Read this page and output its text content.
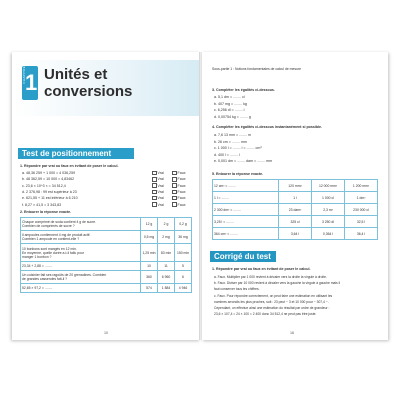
1
CHAPITRE	Unités et
conversions
Test de positionnement
1. Répondre par vrai ou faux en évitant de poser le calcul.
a. 48,36 259 + 1 000 = 4 036,259	Vrai	Faux
b. 48 362,59 = 10 000 = 4,83462	Vrai	Faux
c. 23,6 × 10^3 × = 34 512,4	Vrai	Faux
d. 2 376,98 : 99 est supérieur à 23	Vrai	Faux
e. 621,55 + 11 est inférieur à 6 210	Vrai	Faux
f. 8,27 × 41,5 = 3 343,83	Vrai	Faux
2. Entourer la réponse exacte.
Chaque comprimé de soda contient 4 g de sucre.
Combien de comprimés de sucre ?	12 g	2 g	0,2 g

Il ampoules contiennent 4 mg de produit actif.
Combien 1 ampoule en contient-elle ?	0,5 mg	2 mg	36 mg

10 bonbons sont mangés en 12 min.
En moyenne, quelle durée a-t-il fallu pour
manger 1 bonbon ?	1,25 min	83 min	150 min

23,34 + 2,88 = ........	10	11	5

Un cuisinier fait ses ragoûts de 20 grenadines. Combien
de grandes casseroles fait-il ?	360	6 960	6

52,65 × 97,2 = ........	574	1 884	4 946
10
Sous-partie 1 : Notions fondamentales de calcul de mesure
3. Compléter les égalités ci-dessous.
a. 5,1 dm = ........ cl
b. 407 mg = ........ kg
c. 6,256 dl = ........ l
d. 0,00754 kg = ........ g
4. Compléter les égalités ci-dessous instantanément si possible.
a. 7,6 13 mm = ........ m
b. 26 cm = ........ mm
c. 1 000 l = ........ l = ........ cm³
d. 400 l = ........ l
e. 0,001 dm = ........ dam = ........ mm
5. Entourer la réponse exacte.
12 cm³ = ........	120 mm³	12 000 mm³	1 200 mm³
1 l = ........	1 l	1 000 cl	1 dm³
2 300 dm³ = ........	23 dam³	2,3 m³	230 000 cl
3,25 l = ........	325 cl	3 250 dl	32,5 l
364 cm³ = ........	3,64 l	0,364 l	36,4 l
Corrigé du test
1. Répondre par vrai ou faux en évitant de poser le calcul.
a. Faux. Multiplier par 1 000 revient à décaler vers la droite la virgule à droite.
b. Faux. Diviser par 10 000 revient à décaler vers la gauche la virgule à gauche mais il
faut conserver tous les chiffres.
c. Faux. Pour répondre correctement, on peut faire une estimation en utilisant les
nombres arrondis les plus proches, soit : 23 peut ~ 3 et 10 000 pour ~ 307,4 ~.
Cependant, on effectue ainsi une estimation du résultat par ordre de grandeur :
23,6 × 107,4 ≈ 24 × 100 = 2 400 donc 34 512,4 ne peut pas être juste.
16
